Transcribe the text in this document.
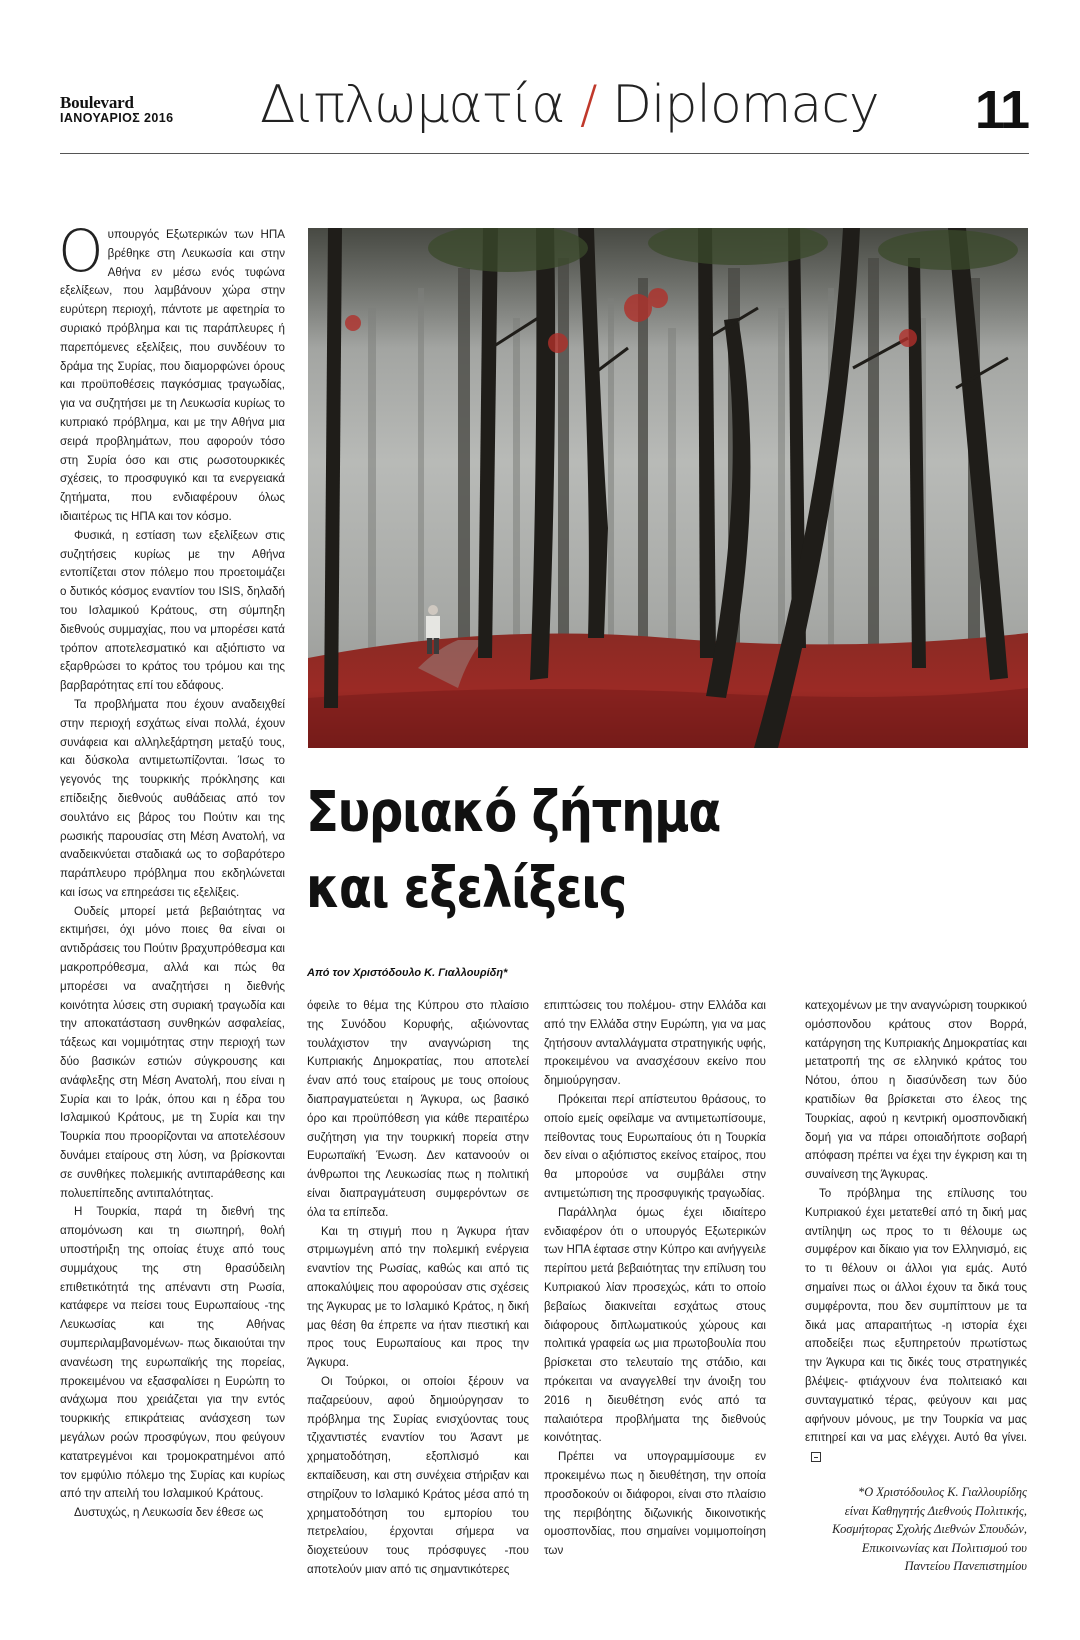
Boulevard
ΙΑΝΟΥΑΡΙΟΣ 2016	Διπλωματία / Diplomacy 11

Ουπουργός Εξωτερικών των ΗΠΑ βρέθηκε στη Λευκωσία και στην Αθήνα εν μέσω ενός τυφώνα εξελίξεων, που λαμβάνουν χώρα στην ευρύτερη περιοχή, πάντοτε με αφετηρία το συριακό πρόβλημα και τις παράπλευρες ή παρεπόμενες εξελίξεις, που συνδέουν το δράμα της Συρίας, που διαμορφώνει όρους και προϋποθέσεις παγκόσμιας τραγωδίας, για να συζητήσει με τη Λευκωσία κυρίως το κυπριακό πρόβλημα, και με την Αθήνα μια σειρά προβλημάτων, που αφορούν τόσο στη Συρία όσο και στις ρωσοτουρκικές σχέσεις, το προσφυγικό και τα ενεργειακά ζητήματα, που ενδιαφέρουν όλως ιδιαιτέρως τις ΗΠΑ και τον κόσμο.

Φυσικά, η εστίαση των εξελίξεων στις συζητήσεις κυρίως με την Αθήνα εντοπίζεται στον πόλεμο που προετοιμάζει ο δυτικός κόσμος εναντίον του ISIS, δηλαδή του Ισλαμικού Κράτους, στη σύμπηξη διεθνούς συμμαχίας, που να μπορέσει κατά τρόπον αποτελεσματικό και αξιόπιστο να εξαρθρώσει το κράτος του τρόμου και της βαρβαρότητας επί του εδάφους.

Τα προβλήματα που έχουν αναδειχθεί στην περιοχή εσχάτως είναι πολλά, έχουν συνάφεια και αλληλεξάρτηση μεταξύ τους, και δύσκολα αντιμετωπίζονται. Ίσως το γεγονός της τουρκικής πρόκλησης και επίδειξης διεθνούς αυθάδειας από τον σουλτάνο εις βάρος του Πούτιν και της ρωσικής παρουσίας στη Μέση Ανατολή, να αναδεικνύεται σταδιακά ως το σοβαρότερο παράπλευρο πρόβλημα που εκδηλώνεται και ίσως να επηρεάσει τις εξελίξεις.

Ουδείς μπορεί μετά βεβαιότητας να εκτιμήσει, όχι μόνο ποιες θα είναι οι αντιδράσεις του Πούτιν βραχυπρόθεσμα και μακροπρόθεσμα, αλλά και πώς θα μπορέσει να αναζητήσει η διεθνής κοινότητα λύσεις στη συριακή τραγωδία και την αποκατάσταση συνθηκών ασφαλείας, τάξεως και νομιμότητας στην περιοχή των δύο βασικών εστιών σύγκρουσης και ανάφλεξης στη Μέση Ανατολή, που είναι η Συρία και το Ιράκ, όπου και η έδρα του Ισλαμικού Κράτους, με τη Συρία και την Τουρκία που προορίζονται να αποτελέσουν δυνάμει εταίρους στη λύση, να βρίσκονται σε συνθήκες πολεμικής αντιπαράθεσης και πολυεπίπεδης αντιπαλότητας.

Η Τουρκία, παρά τη διεθνή της απομόνωση και τη σιωπηρή, θολή υποστήριξη της οποίας έτυχε από τους συμμάχους της στη θρασύδειλη επιθετικότητά της απέναντι στη Ρωσία, κατάφερε να πείσει τους Ευρωπαίους -της Λευκωσίας και της Αθήνας συμπεριλαμβανομένων- πως δικαιούται την ανανέωση της ευρωπαϊκής της πορείας, προκειμένου να εξασφαλίσει η Ευρώπη το ανάχωμα που χρειάζεται για την εντός τουρκικής επικράτειας ανάσχεση των μεγάλων ροών προσφύγων, που φεύγουν κατατρεγμένοι και τρομοκρατημένοι από τον εμφύλιο πόλεμο της Συρίας και κυρίως από την απειλή του Ισλαμικού Κράτους.

Δυστυχώς, η Λευκωσία δεν έθεσε ως

Συριακό ζήτημα
και εξελίξεις
Από τον Χριστόδουλο Κ. Γιαλλουρίδη*

όφειλε το θέμα της Κύπρου στο πλαίσιο της Συνόδου Κορυφής, αξιώνοντας τουλάχιστον την αναγνώριση της Κυπριακής Δημοκρατίας, που αποτελεί έναν από τους εταίρους με τους οποίους διαπραγματεύεται η Άγκυρα, ως βασικό όρο και προϋπόθεση για κάθε περαιτέρω συζήτηση για την τουρκική πορεία στην Ευρωπαϊκή Ένωση. Δεν κατανοούν οι άνθρωποι της Λευκωσίας πως η πολιτική είναι διαπραγμάτευση συμφερόντων σε όλα τα επίπεδα.

Και τη στιγμή που η Άγκυρα ήταν στριμωγμένη από την πολεμική ενέργεια εναντίον της Ρωσίας, καθώς και από τις αποκαλύψεις που αφορούσαν στις σχέσεις της Άγκυρας με το Ισλαμικό Κράτος, η δική μας θέση θα έπρεπε να ήταν πιεστική και προς τους Ευρωπαίους και προς την Άγκυρα.

Οι Τούρκοι, οι οποίοι ξέρουν να παζαρεύουν, αφού δημιούργησαν το πρόβλημα της Συρίας ενισχύοντας τους τζιχαντιστές εναντίον του Άσαντ με χρηματοδότηση, εξοπλισμό και εκπαίδευση, και στη συνέχεια στήριξαν και στηρίζουν το Ισλαμικό Κράτος μέσα από τη χρηματοδότηση του εμπορίου του πετρελαίου, έρχονται σήμερα να διοχετεύουν τους πρόσφυγες -που αποτελούν μιαν από τις σημαντικότερες

επιπτώσεις του πολέμου- στην Ελλάδα και από την Ελλάδα στην Ευρώπη, για να μας ζητήσουν ανταλλάγματα στρατηγικής υφής, προκειμένου να ανασχέσουν εκείνο που δημιούργησαν.

Πρόκειται περί απίστευτου θράσους, το οποίο εμείς οφείλαμε να αντιμετωπίσουμε, πείθοντας τους Ευρωπαίους ότι η Τουρκία δεν είναι ο αξιόπιστος εκείνος εταίρος, που θα μπορούσε να συμβάλει στην αντιμετώπιση της προσφυγικής τραγωδίας.

Παράλληλα όμως έχει ιδιαίτερο ενδιαφέρον ότι ο υπουργός Εξωτερικών των ΗΠΑ έφτασε στην Κύπρο και ανήγγειλε περίπου μετά βεβαιότητας την επίλυση του Κυπριακού λίαν προσεχώς, κάτι το οποίο βεβαίως διακινείται εσχάτως στους διάφορους διπλωματικούς χώρους και πολιτικά γραφεία ως μια πρωτοβουλία που βρίσκεται στο τελευταίο της στάδιο, και πρόκειται να αναγγελθεί την άνοιξη του 2016 η διευθέτηση ενός από τα παλαιότερα προβλήματα της διεθνούς κοινότητας.

Πρέπει να υπογραμμίσουμε εν προκειμένω πως η διευθέτηση, την οποία προσδοκούν οι διάφοροι, είναι στο πλαίσιο της περιβόητης διζωνικής δικοινοτικής ομοσπονδίας, που σημαίνει νομιμοποίηση των

κατεχομένων με την αναγνώριση τουρκικού ομόσπονδου κράτους στον Βορρά, κατάργηση της Κυπριακής Δημοκρατίας και μετατροπή της σε ελληνικό κράτος του Νότου, όπου η διασύνδεση των δύο κρατιδίων θα βρίσκεται στο έλεος της Τουρκίας, αφού η κεντρική ομοσπονδιακή δομή για να πάρει οποιαδήποτε σοβαρή απόφαση πρέπει να έχει την έγκριση και τη συναίνεση της Άγκυρας.

Το πρόβλημα της επίλυσης του Κυπριακού έχει μετατεθεί από τη δική μας αντίληψη ως προς το τι θέλουμε ως συμφέρον και δίκαιο για τον Ελληνισμό, εις το τι θέλουν οι άλλοι για εμάς. Αυτό σημαίνει πως οι άλλοι έχουν τα δικά τους συμφέροντα, που δεν συμπίπτουν με τα δικά μας απαραιτήτως -η ιστορία έχει αποδείξει πως εξυπηρετούν πρωτίστως την Άγκυρα και τις δικές τους στρατηγικές βλέψεις- φτιάχνουν ένα πολιτειακό και συνταγματικό τέρας, φεύγουν και μας αφήνουν μόνους, με την Τουρκία να μας επιτηρεί και να μας ελέγχει. Αυτό θα γίνει.

*Ο Χριστόδουλος Κ. Γιαλλουρίδης
είναι Καθηγητής Διεθνούς Πολιτικής,
Κοσμήτορας Σχολής Διεθνών Σπουδών,
Επικοινωνίας και Πολιτισμού του
Παντείου Πανεπιστημίου
